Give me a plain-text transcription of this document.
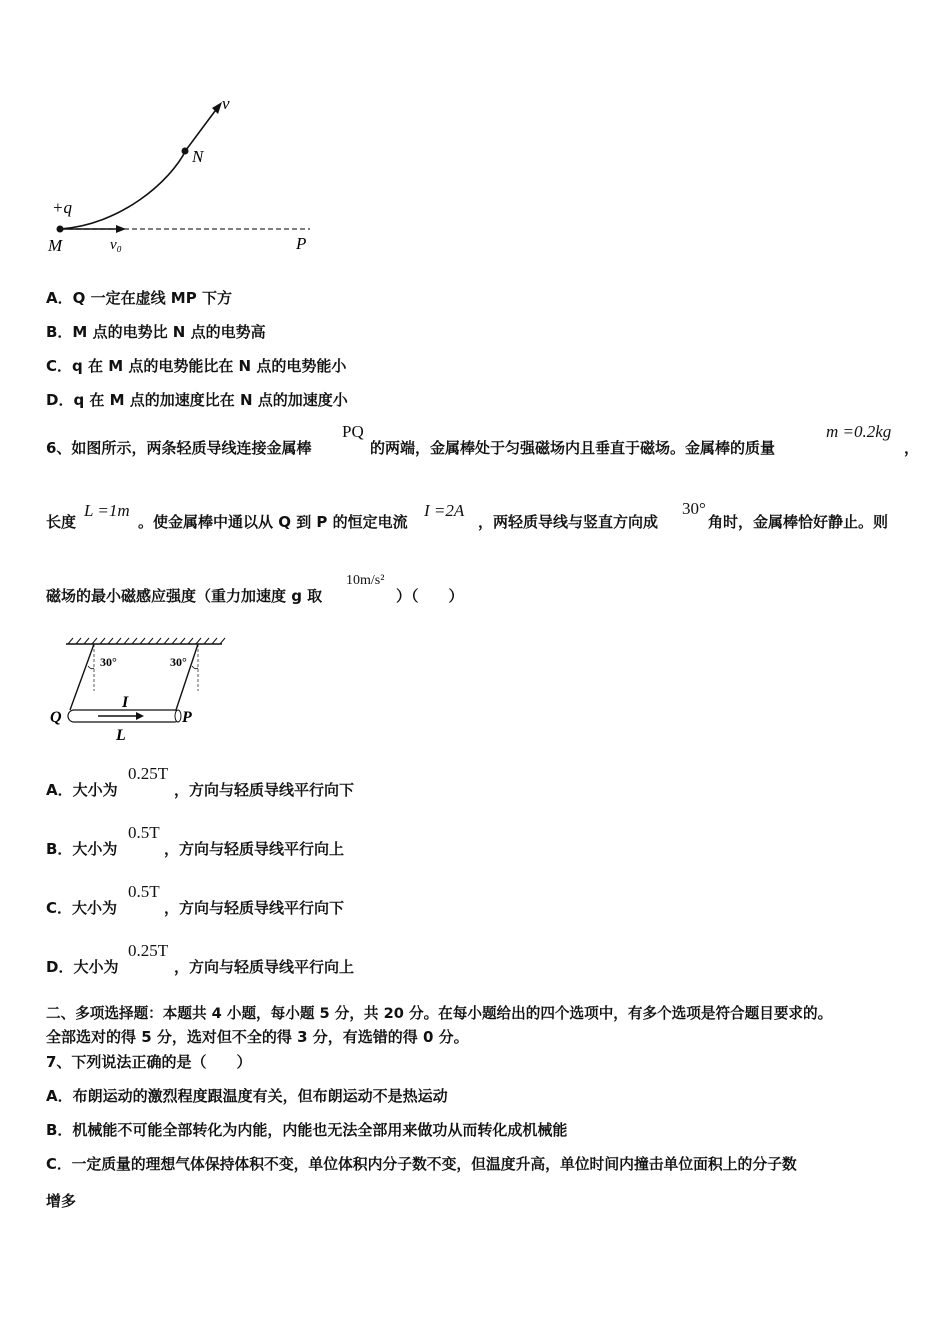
v
N
+q
M	v₀	P
A．Q 一定在虚线 MP 下方
B．M 点的电势比 N 点的电势高
C．q 在 M 点的电势能比在 N 点的电势能小
D．q 在 M 点的加速度比在 N 点的加速度小
6、如图所示，两条轻质导线连接金属棒
PQ
的两端，金属棒处于匀强磁场内且垂直于磁场。金属棒的质量
m =0.2kg
，
长度
L =1m
。使金属棒中通以从 Q 到 P 的恒定电流
I =2A
，两轻质导线与竖直方向成
30°
角时，金属棒恰好静止。则
磁场的最小磁感应强度（重力加速度 g 取
10m/s²
）（　　）
30°	30°
I
Q	P
L
A．大小为
0.25T
，方向与轻质导线平行向下
B．大小为
0.5T
，方向与轻质导线平行向上
C．大小为
0.5T
，方向与轻质导线平行向下
D．大小为
0.25T
，方向与轻质导线平行向上
二、多项选择题：本题共 4 小题，每小题 5 分，共 20 分。在每小题给出的四个选项中，有多个选项是符合题目要求的。
全部选对的得 5 分，选对但不全的得 3 分，有选错的得 0 分。
7、下列说法正确的是（　　）
A．布朗运动的激烈程度跟温度有关，但布朗运动不是热运动
B．机械能不可能全部转化为内能，内能也无法全部用来做功从而转化成机械能
C．一定质量的理想气体保持体积不变，单位体积内分子数不变，但温度升高，单位时间内撞击单位面积上的分子数
增多
